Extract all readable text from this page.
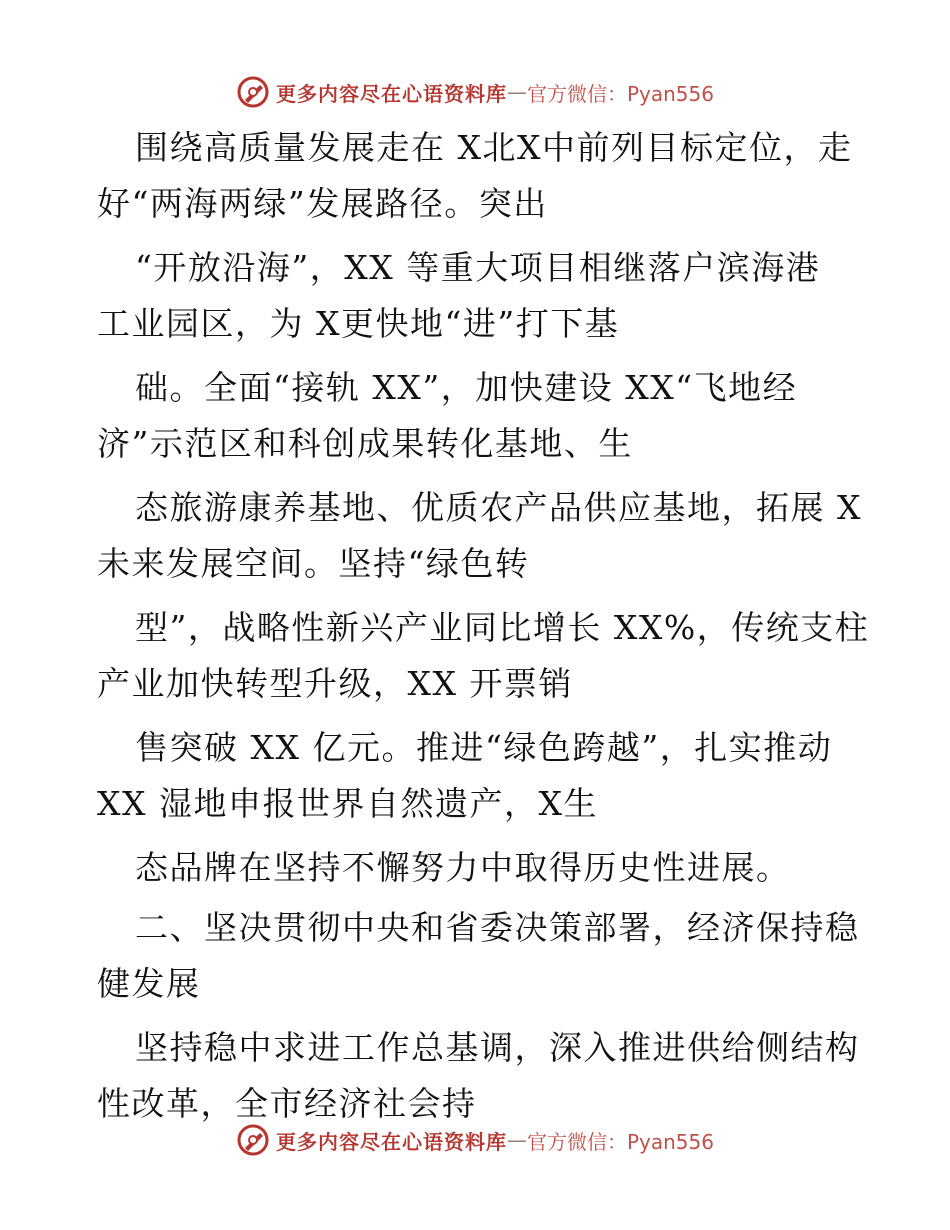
更多内容尽在心语资料库 — 官方微信：Pyan556
围绕高质量发展走在 X北X中前列目标定位，走
好“两海两绿”发展路径。突出
“开放沿海”，XX 等重大项目相继落户滨海港
工业园区，为 X更快地“进”打下基
础。全面“接轨 XX”，加快建设 XX“飞地经
济”示范区和科创成果转化基地、生
态旅游康养基地、优质农产品供应基地，拓展 X
未来发展空间。坚持“绿色转
型”，战略性新兴产业同比增长 XX%，传统支柱
产业加快转型升级，XX 开票销
售突破 XX 亿元。推进“绿色跨越”，扎实推动
XX 湿地申报世界自然遗产，X生
态品牌在坚持不懈努力中取得历史性进展。
二、坚决贯彻中央和省委决策部署，经济保持稳
健发展
坚持稳中求进工作总基调，深入推进供给侧结构
性改革，全市经济社会持
更多内容尽在心语资料库 — 官方微信：Pyan556
